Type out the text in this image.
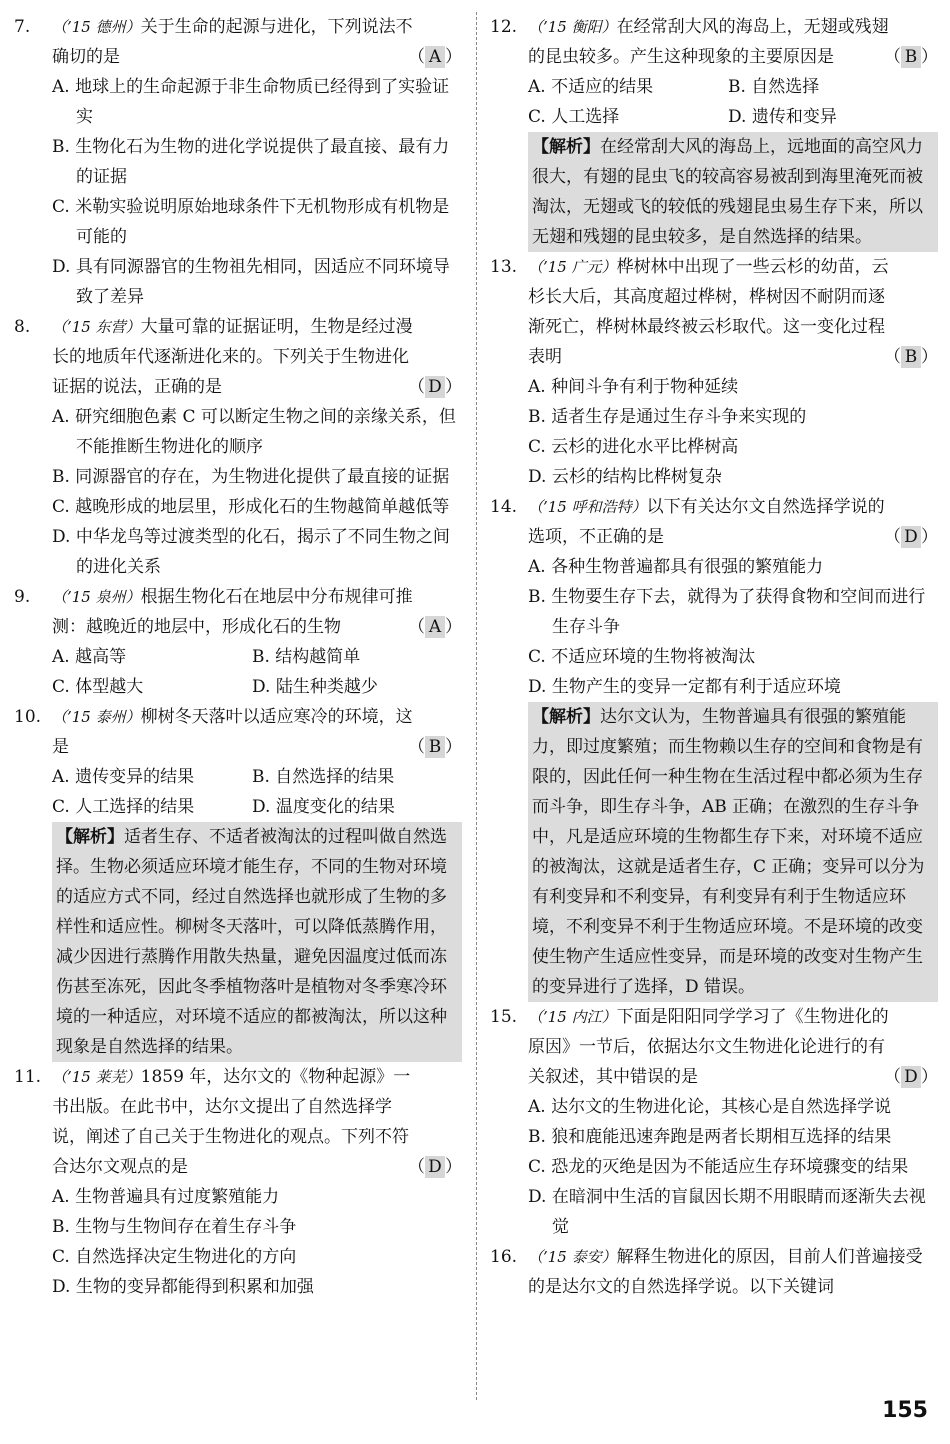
7. （’15 德州）关于生命的起源与进化，下列说法不确切的是	（ A ）
A. 地球上的生命起源于非生命物质已经得到了实验证实
B. 生物化石为生物的进化学说提供了最直接、最有力的证据
C. 米勒实验说明原始地球条件下无机物形成有机物是可能的
D. 具有同源器官的生物祖先相同，因适应不同环境导致了差异
8. （’15 东营）大量可靠的证据证明，生物是经过漫长的地质年代逐渐进化来的。下列关于生物进化证据的说法，正确的是	（ D ）
A. 研究细胞色素 C 可以断定生物之间的亲缘关系，但不能推断生物进化的顺序
B. 同源器官的存在，为生物进化提供了最直接的证据
C. 越晚形成的地层里，形成化石的生物越简单越低等
D. 中华龙鸟等过渡类型的化石，揭示了不同生物之间的进化关系
9. （’15 泉州）根据生物化石在地层中分布规律可推测：越晚近的地层中，形成化石的生物	（ A ）
A. 越高等	B. 结构越简单
C. 体型越大	D. 陆生种类越少
10. （’15 泰州）柳树冬天落叶以适应寒冷的环境，这是	（ B ）
A. 遗传变异的结果	B. 自然选择的结果
C. 人工选择的结果	D. 温度变化的结果
【解析】适者生存、不适者被淘汰的过程叫做自然选择。生物必须适应环境才能生存，不同的生物对环境的适应方式不同，经过自然选择也就形成了生物的多样性和适应性。柳树冬天落叶，可以降低蒸腾作用，减少因进行蒸腾作用散失热量，避免因温度过低而冻伤甚至冻死，因此冬季植物落叶是植物对冬季寒冷环境的一种适应，对环境不适应的都被淘汰，所以这种现象是自然选择的结果。
11. （’15 莱芜）1859 年，达尔文的《物种起源》一书出版。在此书中，达尔文提出了自然选择学说，阐述了自己关于生物进化的观点。下列不符合达尔文观点的是	（ D ）
A. 生物普遍具有过度繁殖能力
B. 生物与生物间存在着生存斗争
C. 自然选择决定生物进化的方向
D. 生物的变异都能得到积累和加强
12. （’15 衡阳）在经常刮大风的海岛上，无翅或残翅的昆虫较多。产生这种现象的主要原因是	（ B ）
A. 不适应的结果	B. 自然选择
C. 人工选择	D. 遗传和变异
【解析】在经常刮大风的海岛上，远地面的高空风力很大，有翅的昆虫飞的较高容易被刮到海里淹死而被淘汰，无翅或飞的较低的残翅昆虫易生存下来，所以无翅和残翅的昆虫较多，是自然选择的结果。
13. （’15 广元）桦树林中出现了一些云杉的幼苗，云杉长大后，其高度超过桦树，桦树因不耐阴而逐渐死亡，桦树林最终被云杉取代。这一变化过程表明	（ B ）
A. 种间斗争有利于物种延续
B. 适者生存是通过生存斗争来实现的
C. 云杉的进化水平比桦树高
D. 云杉的结构比桦树复杂
14. （’15 呼和浩特）以下有关达尔文自然选择学说的选项，不正确的是	（ D ）
A. 各种生物普遍都具有很强的繁殖能力
B. 生物要生存下去，就得为了获得食物和空间而进行生存斗争
C. 不适应环境的生物将被淘汰
D. 生物产生的变异一定都有利于适应环境
【解析】达尔文认为，生物普遍具有很强的繁殖能力，即过度繁殖；而生物赖以生存的空间和食物是有限的，因此任何一种生物在生活过程中都必须为生存而斗争，即生存斗争，AB 正确；在激烈的生存斗争中，凡是适应环境的生物都生存下来，对环境不适应的被淘汰，这就是适者生存，C 正确；变异可以分为有利变异和不利变异，有利变异有利于生物适应环境，不利变异不利于生物适应环境。不是环境的改变使生物产生适应性变异，而是环境的改变对生物产生的变异进行了选择，D 错误。
15. （’15 内江）下面是阳阳同学学习了《生物进化的原因》一节后，依据达尔文生物进化论进行的有关叙述，其中错误的是	（ D ）
A. 达尔文的生物进化论，其核心是自然选择学说
B. 狼和鹿能迅速奔跑是两者长期相互选择的结果
C. 恐龙的灭绝是因为不能适应生存环境骤变的结果
D. 在暗洞中生活的盲鼠因长期不用眼睛而逐渐失去视觉
16. （’15 泰安）解释生物进化的原因，目前人们普遍接受的是达尔文的自然选择学说。以下关键词
155
